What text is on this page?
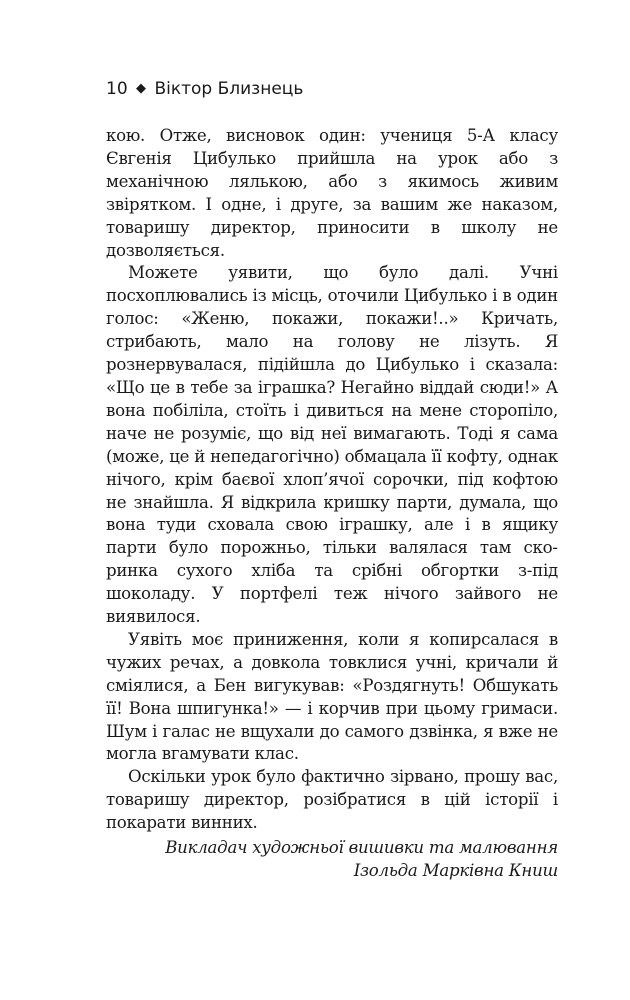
10 ◆ Віктор Близнець

кою. Отже, висновок один: учениця 5-А класу Євгенія Цибулько прийшла на урок або з механічною лялькою, або з якимось живим звірятком. І одне, і друге, за вашим же наказом, товаришу директор, приносити в школу не дозволяється.

Можете уявити, що було далі. Учні посхоплювались із місць, оточили Цибулько і в один голос: «Женю, покажи, покажи!..» Кричать, стрибають, мало на голову не лізуть. Я рознервувалася, підійшла до Цибулько і сказала: «Що це в тебе за іграшка? Негайно віддай сюди!» А вона побіліла, стоїть і дивиться на мене сторопіло, наче не розуміє, що від неї вимагають. Тоді я сама (може, це й непедагогічно) обмацала її кофту, однак нічого, крім баєвої хлоп’ячої сорочки, під кофтою не знайшла. Я відкрила кришку парти, думала, що вона туди сховала свою іграшку, але і в ящику парти було порожньо, тільки валялася там скоринка сухого хліба та срібні обгортки з-під шоколаду. У портфелі теж нічого зайвого не виявилося.

Уявіть моє приниження, коли я копирсалася в чужих речах, а довкола товклися учні, кричали й сміялися, а Бен вигукував: «Роздягнуть! Обшукать її! Вона шпигунка!» — і корчив при цьому гримаси. Шум і галас не вщухали до самого дзвінка, я вже не могла вгамувати клас.

Оскільки урок було фактично зірвано, прошу вас, товаришу директор, розібратися в цій історії і покарати винних.

Викладач художньої вишивки та малювання
Ізольда Марківна Книш
